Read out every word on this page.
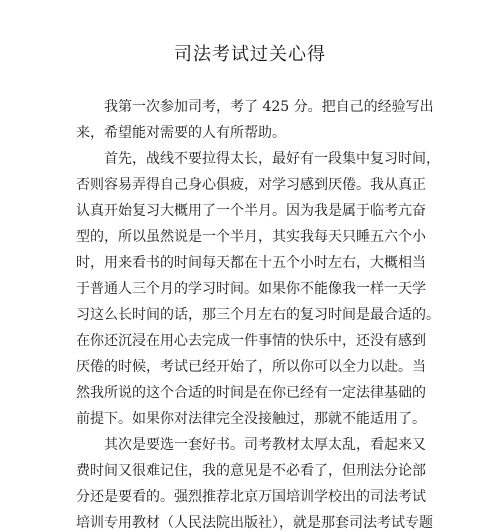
司法考试过关心得
我第一次参加司考，考了 425 分。把自己的经验写出
来，希望能对需要的人有所帮助。
首先，战线不要拉得太长，最好有一段集中复习时间，
否则容易弄得自己身心俱疲，对学习感到厌倦。我从真正
认真开始复习大概用了一个半月。因为我是属于临考亢奋
型的，所以虽然说是一个半月，其实我每天只睡五六个小
时，用来看书的时间每天都在十五个小时左右，大概相当
于普通人三个月的学习时间。如果你不能像我一样一天学
习这么长时间的话，那三个月左右的复习时间是最合适的。
在你还沉浸在用心去完成一件事情的快乐中，还没有感到
厌倦的时候，考试已经开始了，所以你可以全力以赴。当
然我所说的这个合适的时间是在你已经有一定法律基础的
前提下。如果你对法律完全没接触过，那就不能适用了。
其次是要选一套好书。司考教材太厚太乱，看起来又
费时间又很难记住，我的意见是不必看了，但刑法分论部
分还是要看的。强烈推荐北京万国培训学校出的司法考试
培训专用教材（人民法院出版社），就是那套司法考试专题
